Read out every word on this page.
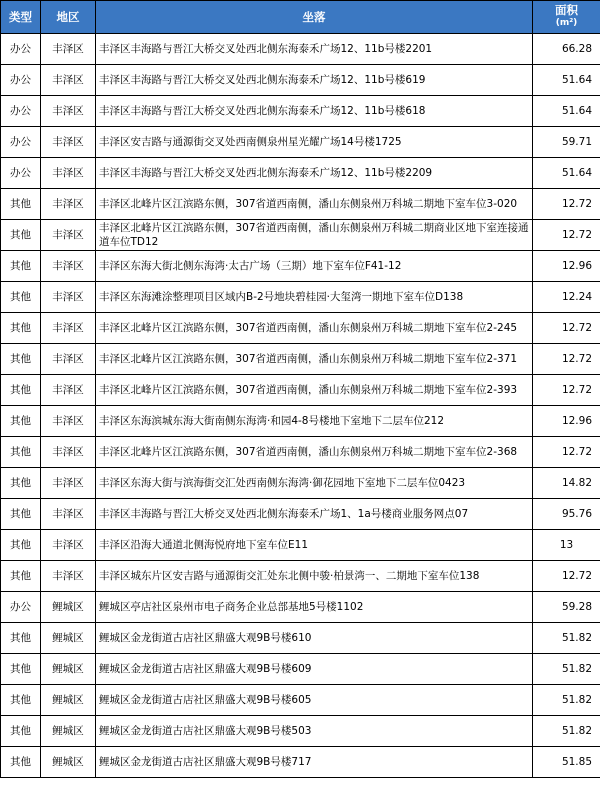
类型	地区	坐落	面积
(m²)

办公	丰泽区	丰泽区丰海路与晋江大桥交叉处西北侧东海泰禾广场12、11b号楼2201	66.28
办公	丰泽区	丰泽区丰海路与晋江大桥交叉处西北侧东海泰禾广场12、11b号楼619	51.64
办公	丰泽区	丰泽区丰海路与晋江大桥交叉处西北侧东海泰禾广场12、11b号楼618	51.64
办公	丰泽区	丰泽区安吉路与通源街交叉处西南侧泉州星光耀广场14号楼1725	59.71
办公	丰泽区	丰泽区丰海路与晋江大桥交叉处西北侧东海泰禾广场12、11b号楼2209	51.64
其他	丰泽区	丰泽区北峰片区江滨路东侧，307省道西南侧，潘山东侧泉州万科城二期地下室车位3-020	12.72
其他	丰泽区	丰泽区北峰片区江滨路东侧，307省道西南侧，潘山东侧泉州万科城二期商业区地下室连接通道车位TD12	12.72
其他	丰泽区	丰泽区东海大街北侧东海湾·太古广场（三期）地下室车位F41-12	12.96
其他	丰泽区	丰泽区东海滩涂整理项目区域内B-2号地块碧桂园·大玺湾一期地下室车位D138	12.24
其他	丰泽区	丰泽区北峰片区江滨路东侧，307省道西南侧，潘山东侧泉州万科城二期地下室车位2-245	12.72
其他	丰泽区	丰泽区北峰片区江滨路东侧，307省道西南侧，潘山东侧泉州万科城二期地下室车位2-371	12.72
其他	丰泽区	丰泽区北峰片区江滨路东侧，307省道西南侧，潘山东侧泉州万科城二期地下室车位2-393	12.72
其他	丰泽区	丰泽区东海滨城东海大街南侧东海湾·和园4-8号楼地下室地下二层车位212	12.96
其他	丰泽区	丰泽区北峰片区江滨路东侧，307省道西南侧，潘山东侧泉州万科城二期地下室车位2-368	12.72
其他	丰泽区	丰泽区东海大街与滨海街交汇处西南侧东海湾·御花园地下室地下二层车位0423	14.82
其他	丰泽区	丰泽区丰海路与晋江大桥交叉处西北侧东海泰禾广场1、1a号楼商业服务网点07	95.76
其他	丰泽区	丰泽区沿海大通道北侧海悦府地下室车位E11	13
其他	丰泽区	丰泽区城东片区安吉路与通源街交汇处东北侧中骏·柏景湾一、二期地下室车位138	12.72
办公	鲤城区	鲤城区亭店社区泉州市电子商务企业总部基地5号楼1102	59.28
其他	鲤城区	鲤城区金龙街道古店社区鼎盛大观9B号楼610	51.82
其他	鲤城区	鲤城区金龙街道古店社区鼎盛大观9B号楼609	51.82
其他	鲤城区	鲤城区金龙街道古店社区鼎盛大观9B号楼605	51.82
其他	鲤城区	鲤城区金龙街道古店社区鼎盛大观9B号楼503	51.82
其他	鲤城区	鲤城区金龙街道古店社区鼎盛大观9B号楼717	51.85
